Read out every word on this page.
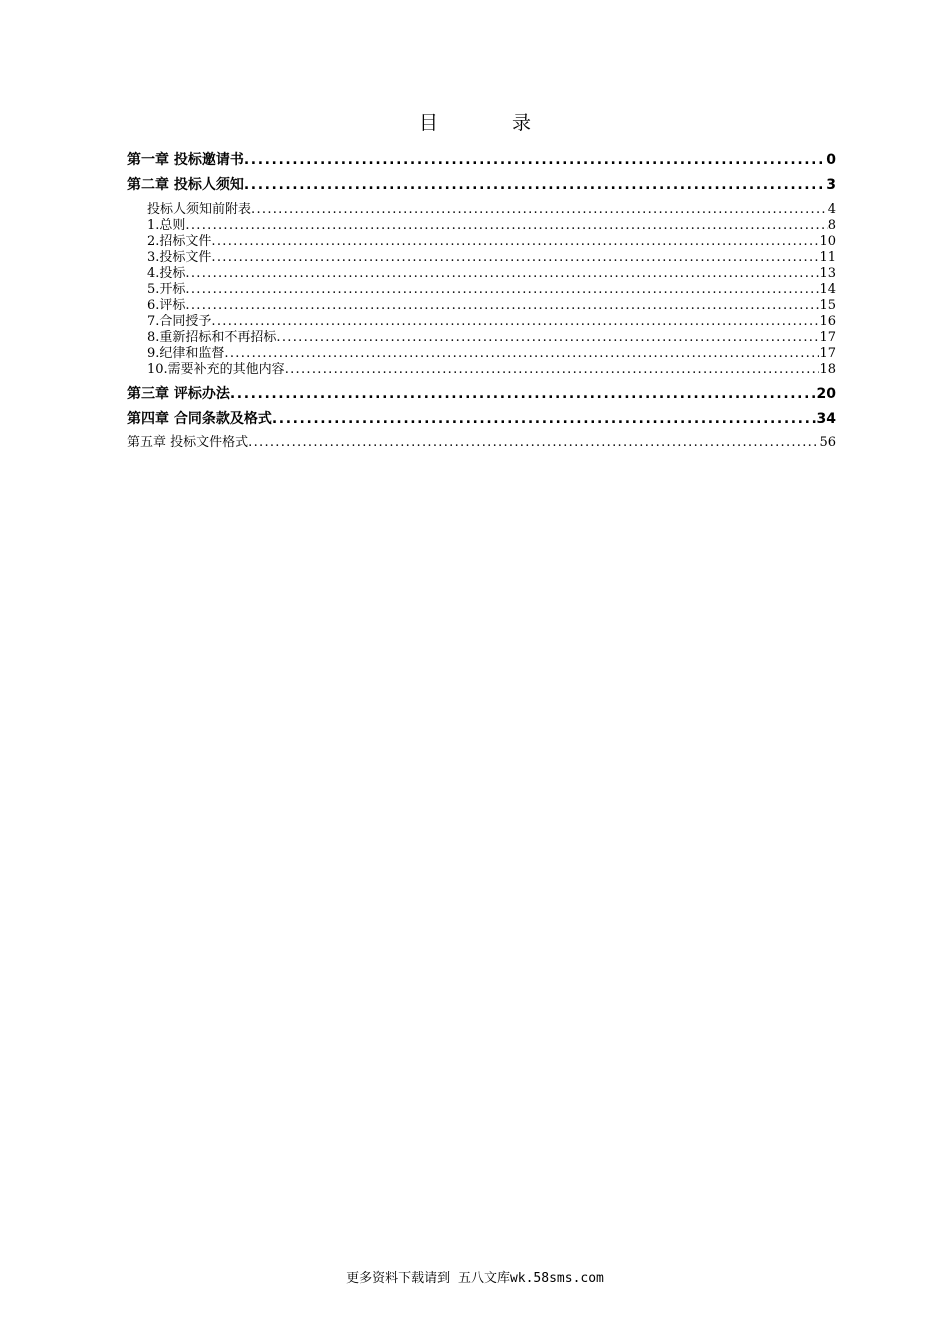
目 录
第一章 投标邀请书 .....	0
第二章 投标人须知 .....	3
投标人须知前附表 .....	4
1.总则 .....	8
2.招标文件 .....	10
3.投标文件 .....	11
4.投标 .....	13
5.开标 .....	14
6.评标 .....	15
7.合同授予 .....	16
8.重新招标和不再招标 .....	17
9.纪律和监督 .....	17
10.需要补充的其他内容 .....	18
第三章 评标办法 .....	20
第四章 合同条款及格式 .....	34
第五章 投标文件格式 .....	56
更多资料下载请到 五八文库wk.58sms.com
